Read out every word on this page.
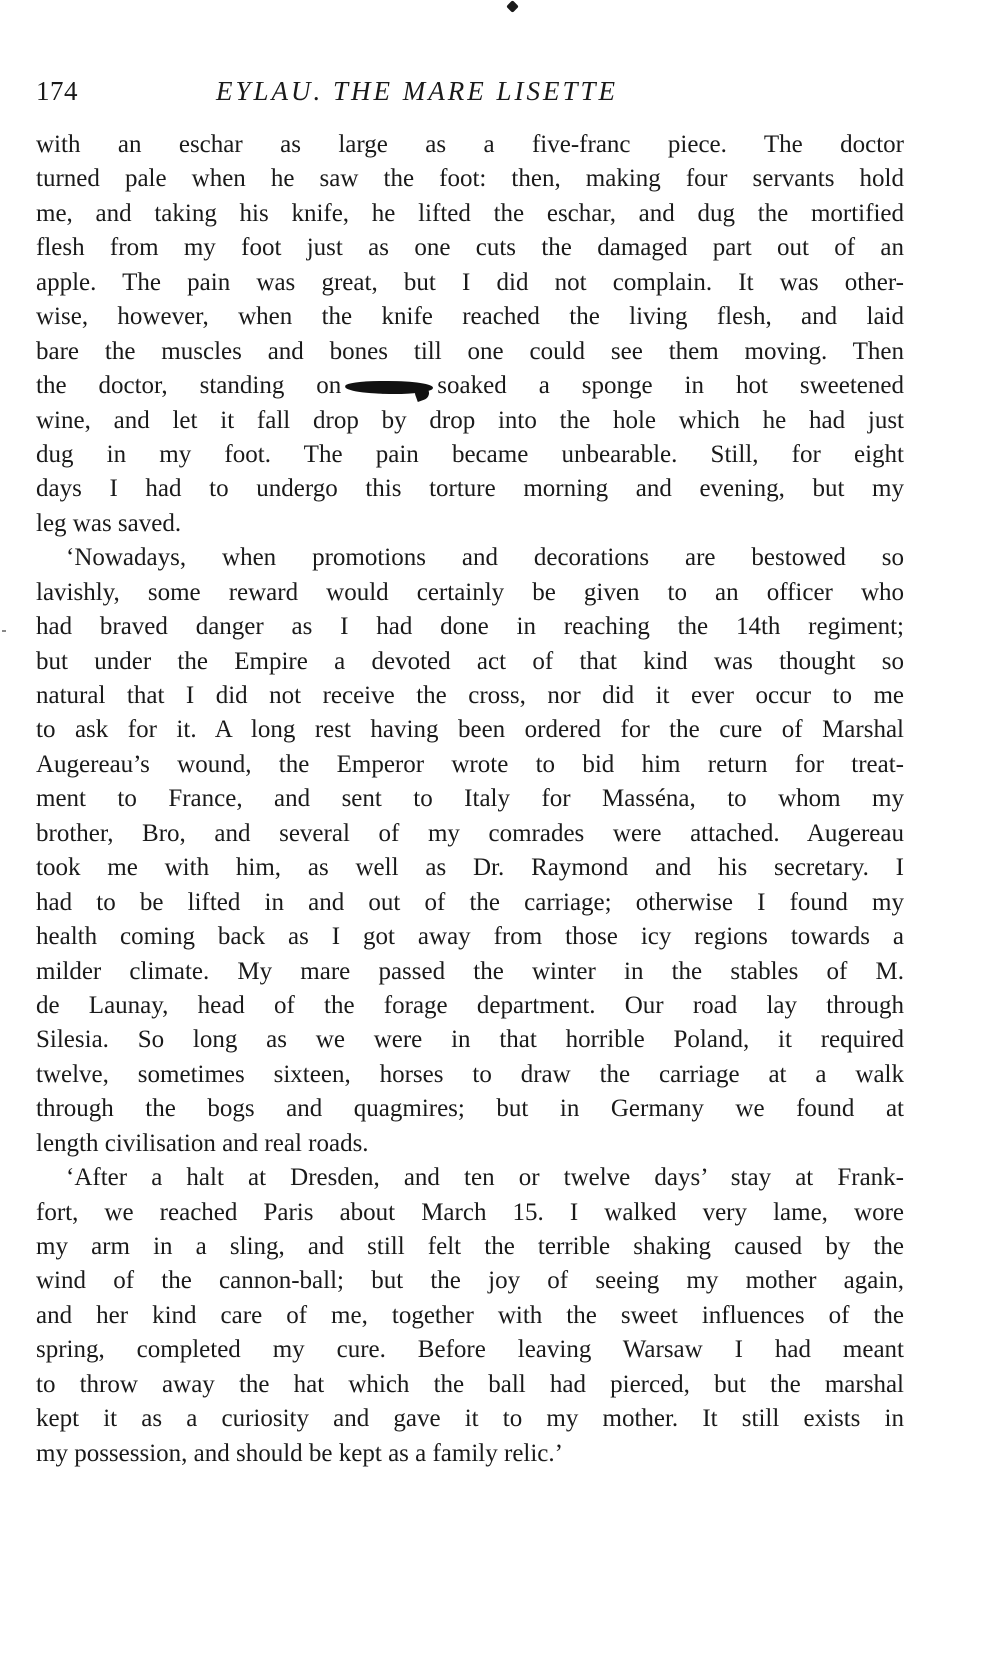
174	EYLAU. THE MARE LISETTE
with an eschar as large as a five-franc piece. The doctor
turned pale when he saw the foot: then, making four servants hold
me, and taking his knife, he lifted the eschar, and dug the mortified
flesh from my foot just as one cuts the damaged part out of an
apple. The pain was great, but I did not complain. It was other-
wise, however, when the knife reached the living flesh, and laid
bare the muscles and bones till one could see them moving. Then
the doctor, standing on	soaked a sponge in hot sweetened
wine, and let it fall drop by drop into the hole which he had just
dug in my foot. The pain became unbearable. Still, for eight
days I had to undergo this torture morning and evening, but my
leg was saved.
‘Nowadays, when promotions and decorations are bestowed so
lavishly, some reward would certainly be given to an officer who
had braved danger as I had done in reaching the 14th regiment;
but under the Empire a devoted act of that kind was thought so
natural that I did not receive the cross, nor did it ever occur to me
to ask for it. A long rest having been ordered for the cure of Marshal
Augereau’s wound, the Emperor wrote to bid him return for treat-
ment to France, and sent to Italy for Masséna, to whom my
brother, Bro, and several of my comrades were attached. Augereau
took me with him, as well as Dr. Raymond and his secretary. I
had to be lifted in and out of the carriage; otherwise I found my
health coming back as I got away from those icy regions towards a
milder climate. My mare passed the winter in the stables of M.
de Launay, head of the forage department. Our road lay through
Silesia. So long as we were in that horrible Poland, it required
twelve, sometimes sixteen, horses to draw the carriage at a walk
through the bogs and quagmires; but in Germany we found at
length civilisation and real roads.
‘After a halt at Dresden, and ten or twelve days’ stay at Frank-
fort, we reached Paris about March 15. I walked very lame, wore
my arm in a sling, and still felt the terrible shaking caused by the
wind of the cannon-ball; but the joy of seeing my mother again,
and her kind care of me, together with the sweet influences of the
spring, completed my cure. Before leaving Warsaw I had meant
to throw away the hat which the ball had pierced, but the marshal
kept it as a curiosity and gave it to my mother. It still exists in
my possession, and should be kept as a family relic.’
